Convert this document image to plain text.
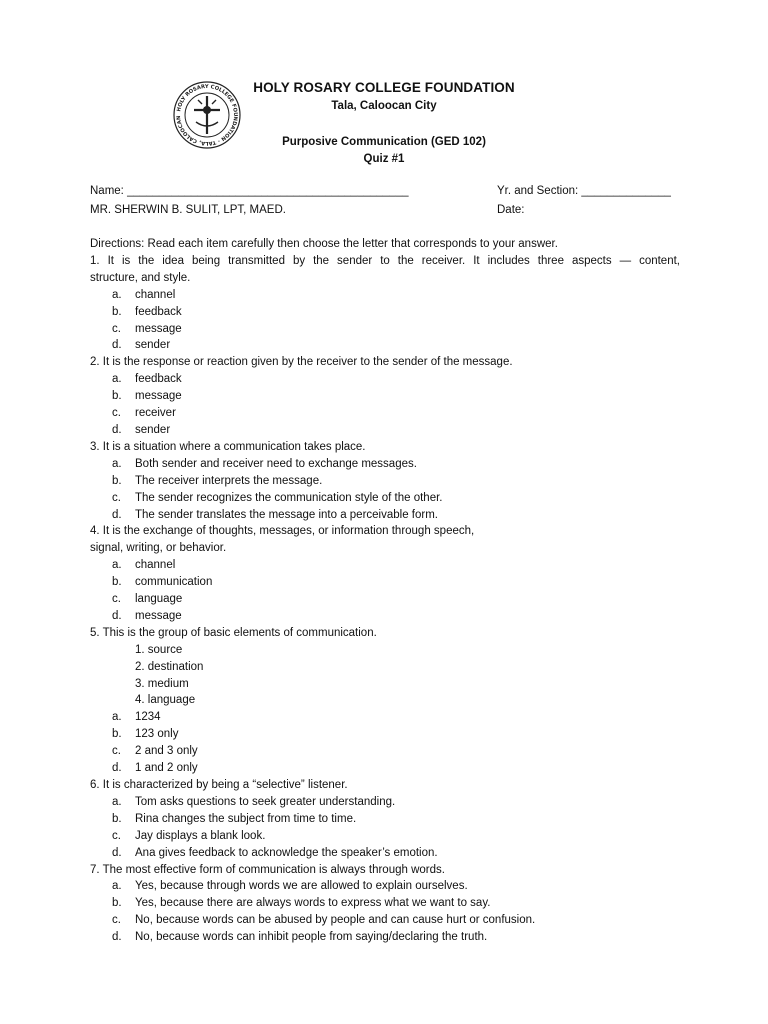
HOLY ROSARY COLLEGE FOUNDATION · TALA, CALOOCAN
HOLY ROSARY COLLEGE FOUNDATION
Tala, Caloocan City
Purposive Communication (GED 102)
Quiz #1
Name: ____________________________________________	Yr. and Section: ______________
MR. SHERWIN B. SULIT, LPT, MAED.	Date:
Directions: Read each item carefully then choose the letter that corresponds to your answer.
1. It is the idea being transmitted by the sender to the receiver. It includes three aspects — content,
structure, and style.
a.	channel
b.	feedback
c.	message
d.	sender
2. It is the response or reaction given by the receiver to the sender of the message.
a.	feedback
b.	message
c.	receiver
d.	sender
3. It is a situation where a communication takes place.
a.	Both sender and receiver need to exchange messages.
b.	The receiver interprets the message.
c.	The sender recognizes the communication style of the other.
d.	The sender translates the message into a perceivable form.
4. It is the exchange of thoughts, messages, or information through speech,
signal, writing, or behavior.
a.	channel
b.	communication
c.	language
d.	message
5. This is the group of basic elements of communication.
1. source
2. destination
3. medium
4. language
a.	1234
b.	123 only
c.	2 and 3 only
d.	1 and 2 only
6. It is characterized by being a “selective” listener.
a.	Tom asks questions to seek greater understanding.
b.	Rina changes the subject from time to time.
c.	Jay displays a blank look.
d.	Ana gives feedback to acknowledge the speaker’s emotion.
7. The most effective form of communication is always through words.
a.	Yes, because through words we are allowed to explain ourselves.
b.	Yes, because there are always words to express what we want to say.
c.	No, because words can be abused by people and can cause hurt or confusion.
d.	No, because words can inhibit people from saying/declaring the truth.
